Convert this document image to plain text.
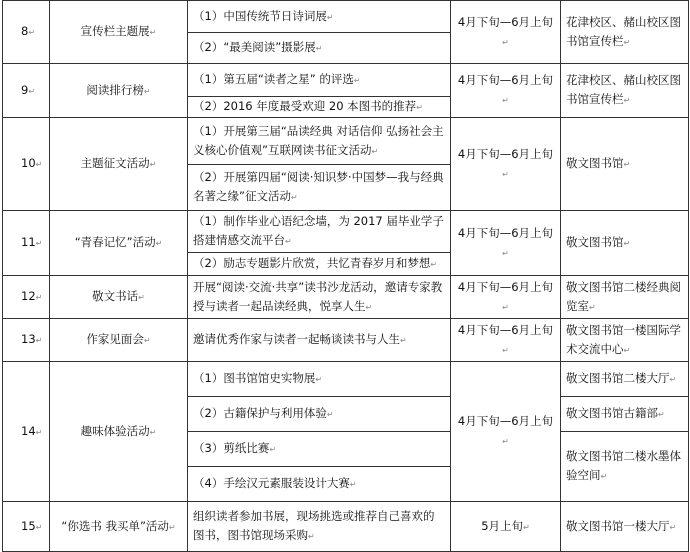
8↵	宣传栏主题展↵	（1）中国传统节日诗词展↵	4月下旬—6月上旬↵	花津校区、赭山校区图书馆宣传栏↵
		（2）“最美阅读”摄影展↵		
9↵	阅读排行榜↵	（1）第五届“读者之星” 的评选↵	4月下旬—6月上旬↵	花津校区、赭山校区图书馆宣传栏↵
		（2）2016 年度最受欢迎 20 本图书的推荐↵		
10↵	主题征文活动↵	（1）开展第三届“品读经典 对话信仰 弘扬社会主义核心价值观”互联网读书征文活动↵	4月下旬—6月上旬↵	敬文图书馆↵
		（2）开展第四届“阅读·知识梦·中国梦—我与经典名著之缘”征文活动↵		
11↵	“青春记忆”活动↵	（1）制作毕业心语纪念墙，为 2017 届毕业学子搭建情感交流平台↵	4月下旬—6月上旬↵	敬文图书馆↵
		（2）励志专题影片欣赏，共忆青春岁月和梦想↵		
12↵	敬文书话↵	开展“阅读·交流·共享”读书沙龙活动，邀请专家教授与读者一起品读经典，悦享人生↵	4月下旬—6月上旬↵	敬文图书馆二楼经典阅览室↵
13↵	作家见面会↵	邀请优秀作家与读者一起畅谈读书与人生↵	4月下旬—6月上旬↵	敬文图书馆一楼国际学术交流中心↵
14↵	趣味体验活动↵	（1）图书馆馆史实物展↵	4月下旬—6月上旬↵	敬文图书馆二楼大厅↵
		（2）古籍保护与利用体验↵		敬文图书馆古籍部↵
		（3）剪纸比赛↵		敬文图书馆二楼水墨体验空间↵
		（4）手绘汉元素服装设计大赛↵		
15↵	“你选书 我买单”活动↵	组织读者参加书展，现场挑选或推荐自己喜欢的图书，图书馆现场采购↵	5月上旬↵	敬文图书馆一楼大厅↵
